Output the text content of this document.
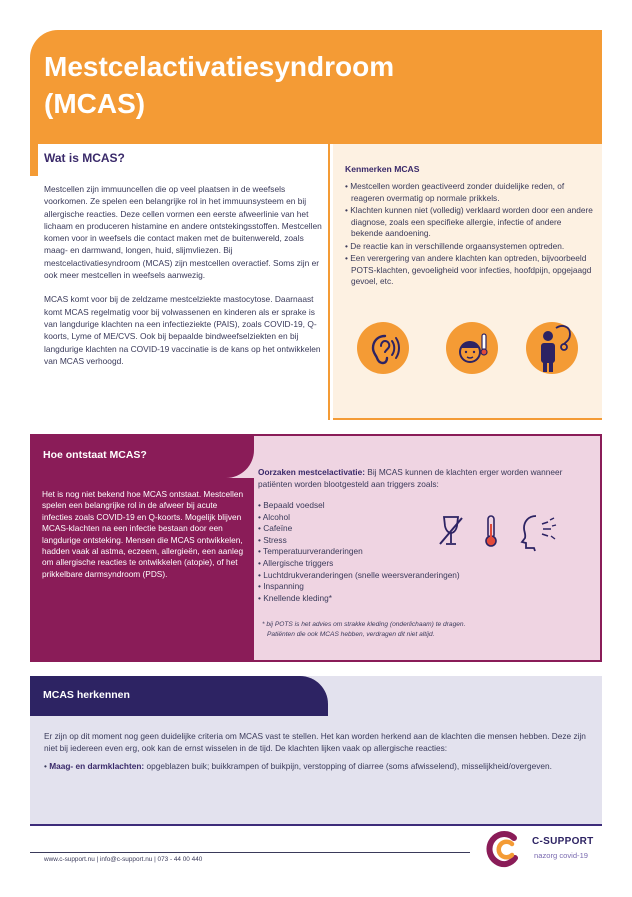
Mestcelactivatiesyndroom
(MCAS)
Wat is MCAS?

Mestcellen zijn immuuncellen die op veel plaatsen in de weefsels voorkomen. Ze spelen een belangrijke rol in het immuunsysteem en bij allergische reacties. Deze cellen vormen een eerste afweerlinie van het lichaam en produceren histamine en andere ontstekingsstoffen. Mestcellen komen voor in weefsels die contact maken met de buitenwereld, zoals maag- en darmwand, longen, huid, slijmvliezen. Bij mestcelactivatiesyndroom (MCAS) zijn mestcellen overactief. Soms zijn er ook meer mestcellen in weefsels aanwezig.

MCAS komt voor bij de zeldzame mestcelziekte mastocytose. Daarnaast komt MCAS regelmatig voor bij volwassenen en kinderen als er sprake is van langdurige klachten na een infectieziekte (PAIS), zoals COVID-19, Q-koorts, Lyme of ME/CVS. Ook bij bepaalde bindweefselziekten en bij langdurige klachten na COVID-19 vaccinatie is de kans op het ontwikkelen van MCAS verhoogd.

Kenmerken MCAS
• Mestcellen worden geactiveerd zonder duidelijke reden, of reageren overmatig op normale prikkels.
• Klachten kunnen niet (volledig) verklaard worden door een andere diagnose, zoals een specifieke allergie, infectie of andere bekende aandoening.
• De reactie kan in verschillende orgaansystemen optreden.
• Een verergering van andere klachten kan optreden, bijvoorbeeld POTS-klachten, gevoeligheid voor infecties, hoofdpijn, opgejaagd gevoel, etc.
Hoe ontstaat MCAS?
Het is nog niet bekend hoe MCAS ontstaat. Mestcellen spelen een belangrijke rol in de afweer bij acute infecties zoals COVID-19 en Q-koorts. Mogelijk blijven MCAS-klachten na een infectie bestaan door een langdurige ontsteking. Mensen die MCAS ontwikkelen, hadden vaak al astma, eczeem, allergieën, een aanleg om allergische reacties te ontwikkelen (atopie), of het prikkelbare darmsyndroom (PDS).
Oorzaken mestcelactivatie: Bij MCAS kunnen de klachten erger worden wanneer patiënten worden blootgesteld aan triggers zoals:
• Bepaald voedsel
• Alcohol
• Cafeïne
• Stress
• Temperatuurveranderingen
• Allergische triggers
• Luchtdrukveranderingen (snelle weersveranderingen)
• Inspanning
• Knellende kleding*
* bij POTS is het advies om strakke kleding (onderlichaam) te dragen.
Patiënten die ook MCAS hebben, verdragen dit niet altijd.
MCAS herkennen

Er zijn op dit moment nog geen duidelijke criteria om MCAS vast te stellen. Het kan worden herkend aan de klachten die mensen hebben. Deze zijn niet bij iedereen even erg, ook kan de ernst wisselen in de tijd. De klachten lijken vaak op allergische reacties:

• Maag- en darmklachten: opgeblazen buik; buikkrampen of buikpijn, verstopping of diarree (soms afwisselend), misselijkheid/overgeven.

www.c-support.nu | info@c-support.nu | 073 - 44 00 440
C-SUPPORT
nazorg covid-19
